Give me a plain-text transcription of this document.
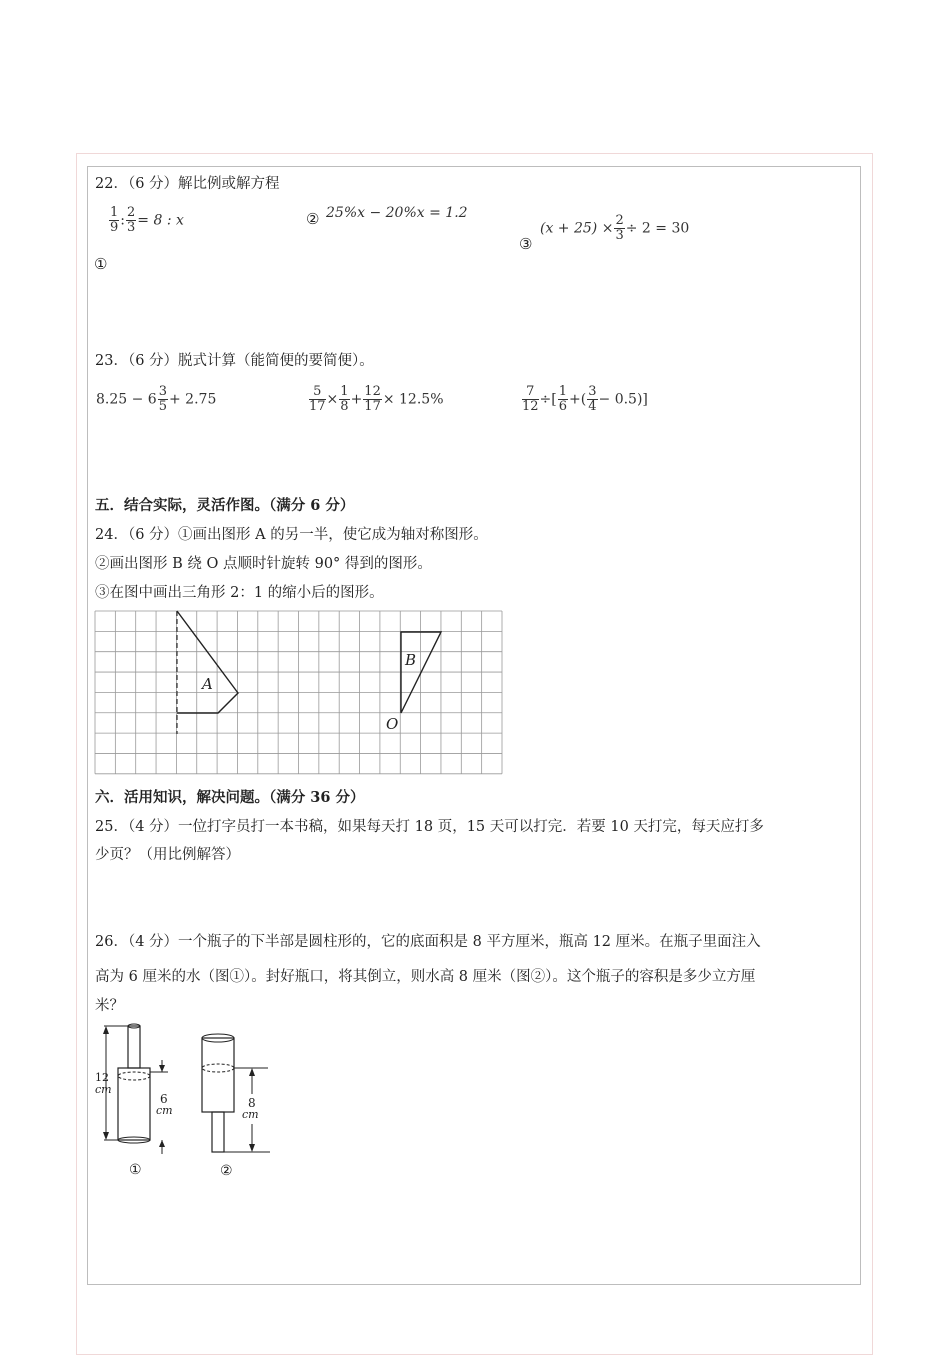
22．（6 分）解比例或解方程
$\frac{1}{9}$ : $\frac{2}{3} = 8$ : x
①
② 25%x − 20%x = 1.2
③
$(x + 25) \times \frac{2}{3} \div 2 = 30$
23．（6 分）脱式计算（能简便的要简便）。
$8.25 - 6 \frac{3}{5} + 2.75$	$\frac{5}{17} \times \frac{1}{8} + \frac{12}{17} \times 12.5\%$	$\frac{7}{12}$ ÷[ $\frac{1}{6}$ +( $\frac{3}{4} - 0.5$)]
五．结合实际，灵活作图。（满分 6 分）
24．（6 分）①画出图形 A 的另一半，使它成为轴对称图形。
②画出图形 B 绕 O 点顺时针旋转 90° 得到的图形。
③在图中画出三角形 2：1 的缩小后的图形。
A
B
O
六．活用知识，解决问题。（满分 36 分）
25．（4 分）一位打字员打一本书稿，如果每天打 18 页，15 天可以打完．若要 10 天打完，每天应打多
少页？（用比例解答）
26．（4 分）一个瓶子的下半部是圆柱形的，它的底面积是 8 平方厘米，瓶高 12 厘米。在瓶子里面注入
高为 6 厘米的水（图①）。封好瓶口，将其倒立，则水高 8 厘米（图②）。这个瓶子的容积是多少立方厘
米？
12
cm
6
cm
①
8
cm
②
